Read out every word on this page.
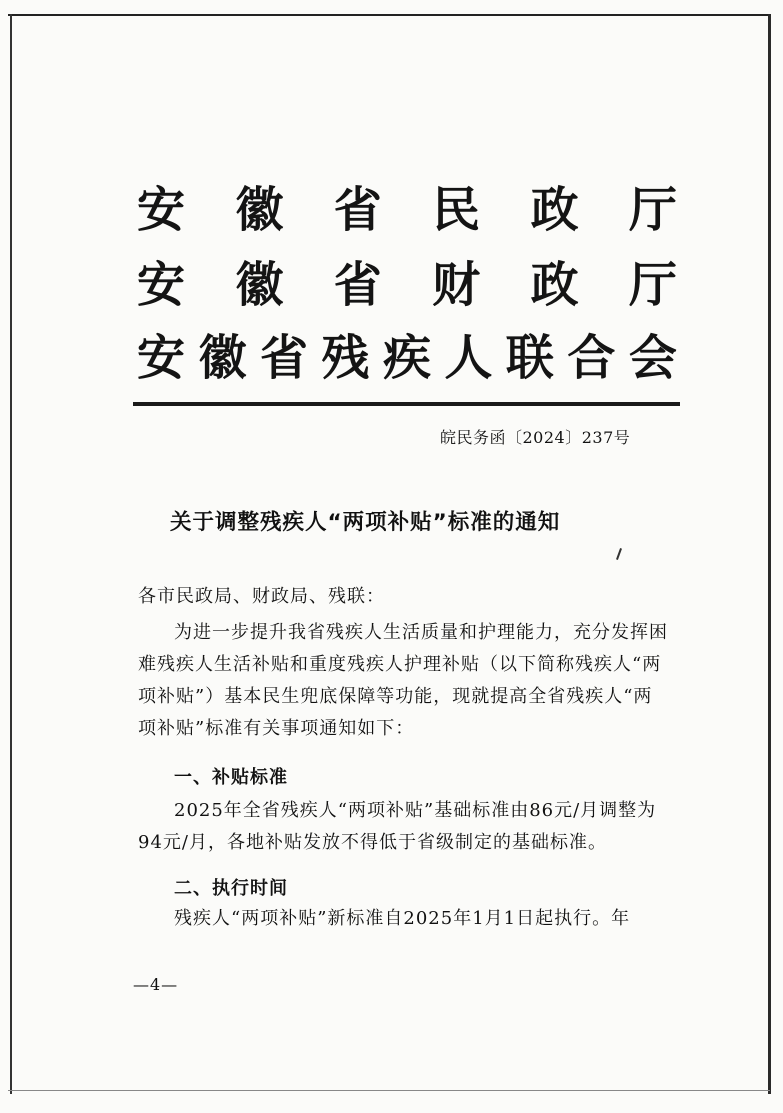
安 徽 省 民 政 厅
安 徽 省 财 政 厅
安 徽 省 残 疾 人 联 合 会
皖民务函〔2024〕237号
关于调整残疾人“两项补贴”标准的通知
各市民政局、财政局、残联：
为进一步提升我省残疾人生活质量和护理能力，充分发挥困
难残疾人生活补贴和重度残疾人护理补贴（以下简称残疾人“两
项补贴”）基本民生兜底保障等功能，现就提高全省残疾人“两
项补贴”标准有关事项通知如下：
一、补贴标准
2025年全省残疾人“两项补贴”基础标准由86元/月调整为
94元/月，各地补贴发放不得低于省级制定的基础标准。
二、执行时间
残疾人“两项补贴”新标准自2025年1月1日起执行。年
—4—
